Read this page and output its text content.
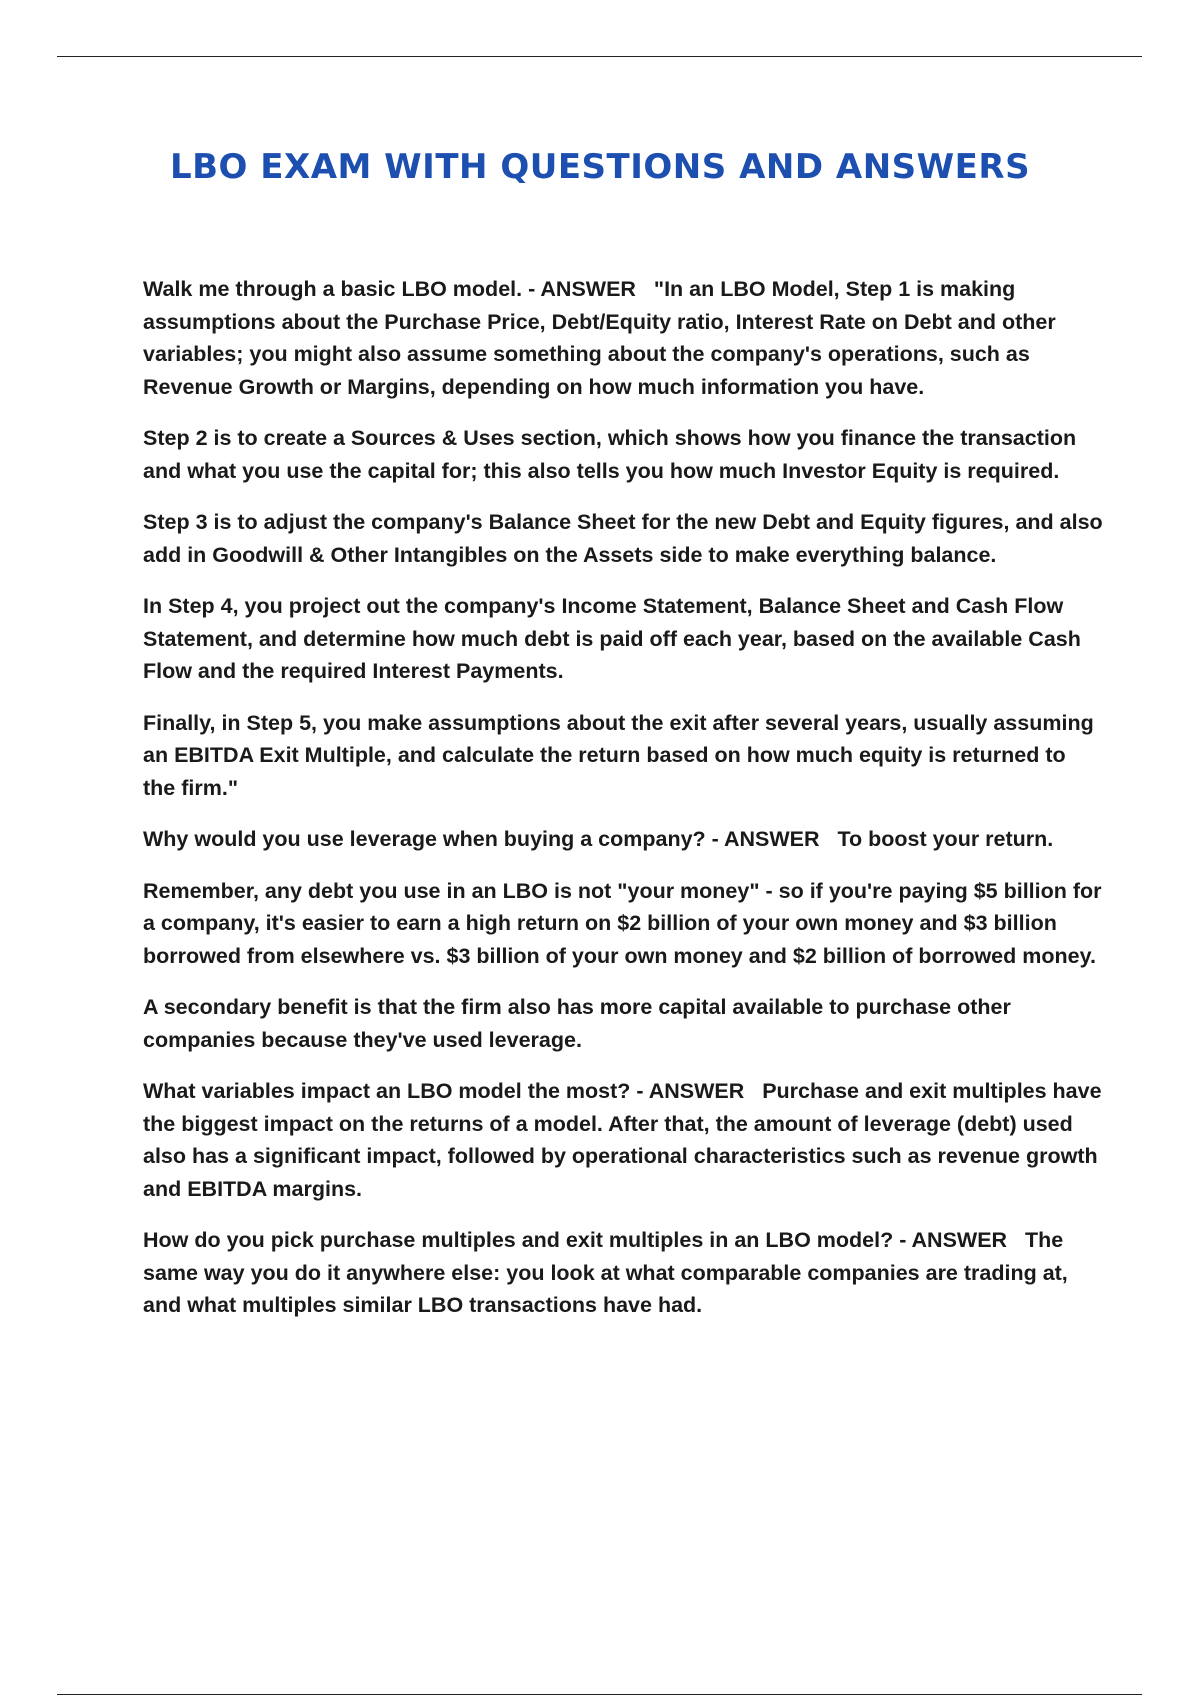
LBO EXAM WITH QUESTIONS AND ANSWERS

Walk me through a basic LBO model. - ANSWER   "In an LBO Model, Step 1 is making assumptions about the Purchase Price, Debt/Equity ratio, Interest Rate on Debt and other variables; you might also assume something about the company's operations, such as Revenue Growth or Margins, depending on how much information you have.

Step 2 is to create a Sources & Uses section, which shows how you finance the transaction and what you use the capital for; this also tells you how much Investor Equity is required.

Step 3 is to adjust the company's Balance Sheet for the new Debt and Equity figures, and also add in Goodwill & Other Intangibles on the Assets side to make everything balance.

In Step 4, you project out the company's Income Statement, Balance Sheet and Cash Flow Statement, and determine how much debt is paid off each year, based on the available Cash Flow and the required Interest Payments.

Finally, in Step 5, you make assumptions about the exit after several years, usually assuming an EBITDA Exit Multiple, and calculate the return based on how much equity is returned to the firm."

Why would you use leverage when buying a company? - ANSWER   To boost your return.

Remember, any debt you use in an LBO is not "your money" - so if you're paying $5 billion for a company, it's easier to earn a high return on $2 billion of your own money and $3 billion borrowed from elsewhere vs. $3 billion of your own money and $2 billion of borrowed money.

A secondary benefit is that the firm also has more capital available to purchase other companies because they've used leverage.

What variables impact an LBO model the most? - ANSWER   Purchase and exit multiples have the biggest impact on the returns of a model. After that, the amount of leverage (debt) used also has a significant impact, followed by operational characteristics such as revenue growth and EBITDA margins.

How do you pick purchase multiples and exit multiples in an LBO model? - ANSWER   The same way you do it anywhere else: you look at what comparable companies are trading at, and what multiples similar LBO transactions have had.
